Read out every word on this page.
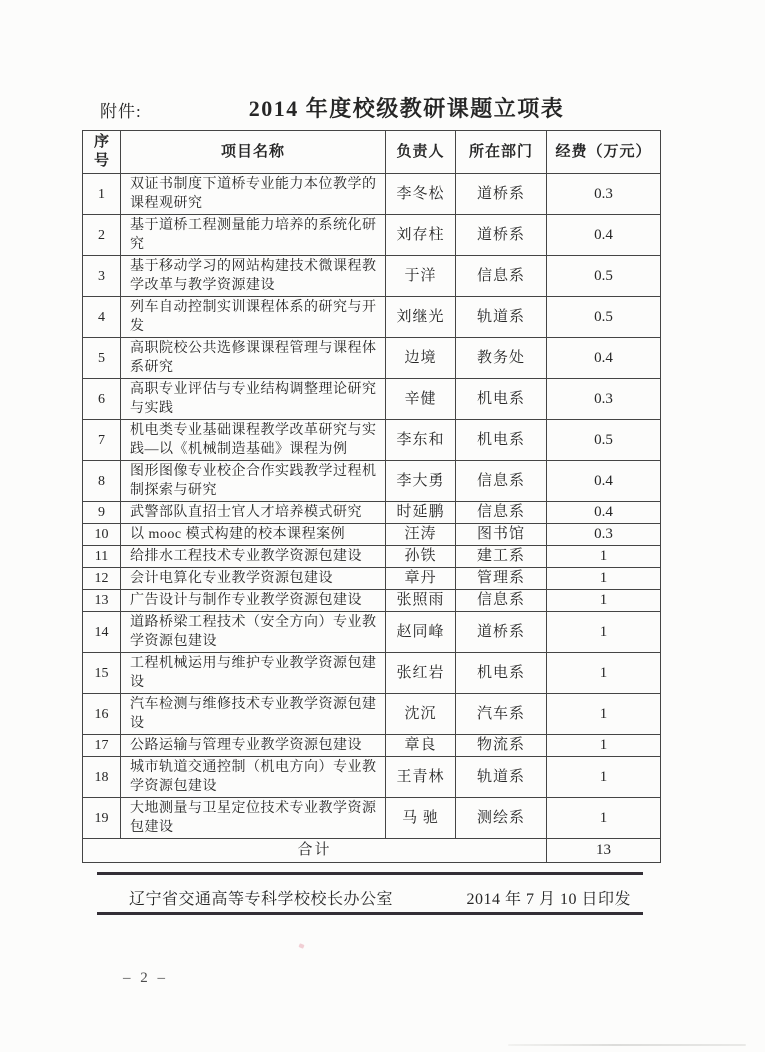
附件:	2014 年度校级教研课题立项表
序号	项目名称	负责人	所在部门	经费（万元）
1	双证书制度下道桥专业能力本位教学的课程观研究	李冬松	道桥系	0.3
2	基于道桥工程测量能力培养的系统化研究	刘存柱	道桥系	0.4
3	基于移动学习的网站构建技术微课程教学改革与教学资源建设	于洋	信息系	0.5
4	列车自动控制实训课程体系的研究与开发	刘继光	轨道系	0.5
5	高职院校公共选修课课程管理与课程体系研究	边境	教务处	0.4
6	高职专业评估与专业结构调整理论研究与实践	辛健	机电系	0.3
7	机电类专业基础课程教学改革研究与实践—以《机械制造基础》课程为例	李东和	机电系	0.5
8	图形图像专业校企合作实践教学过程机制探索与研究	李大勇	信息系	0.4
9	武警部队直招士官人才培养模式研究	时延鹏	信息系	0.4
10	以 mooc 模式构建的校本课程案例	汪涛	图书馆	0.3
11	给排水工程技术专业教学资源包建设	孙铁	建工系	1
12	会计电算化专业教学资源包建设	章丹	管理系	1
13	广告设计与制作专业教学资源包建设	张照雨	信息系	1
14	道路桥梁工程技术（安全方向）专业教学资源包建设	赵同峰	道桥系	1
15	工程机械运用与维护专业教学资源包建设	张红岩	机电系	1
16	汽车检测与维修技术专业教学资源包建设	沈沉	汽车系	1
17	公路运输与管理专业教学资源包建设	章良	物流系	1
18	城市轨道交通控制（机电方向）专业教学资源包建设	王青林	轨道系	1
19	大地测量与卫星定位技术专业教学资源包建设	马 驰	测绘系	1
合计				13
辽宁省交通高等专科学校校长办公室	2014 年 7 月 10 日印发
– 2 –
